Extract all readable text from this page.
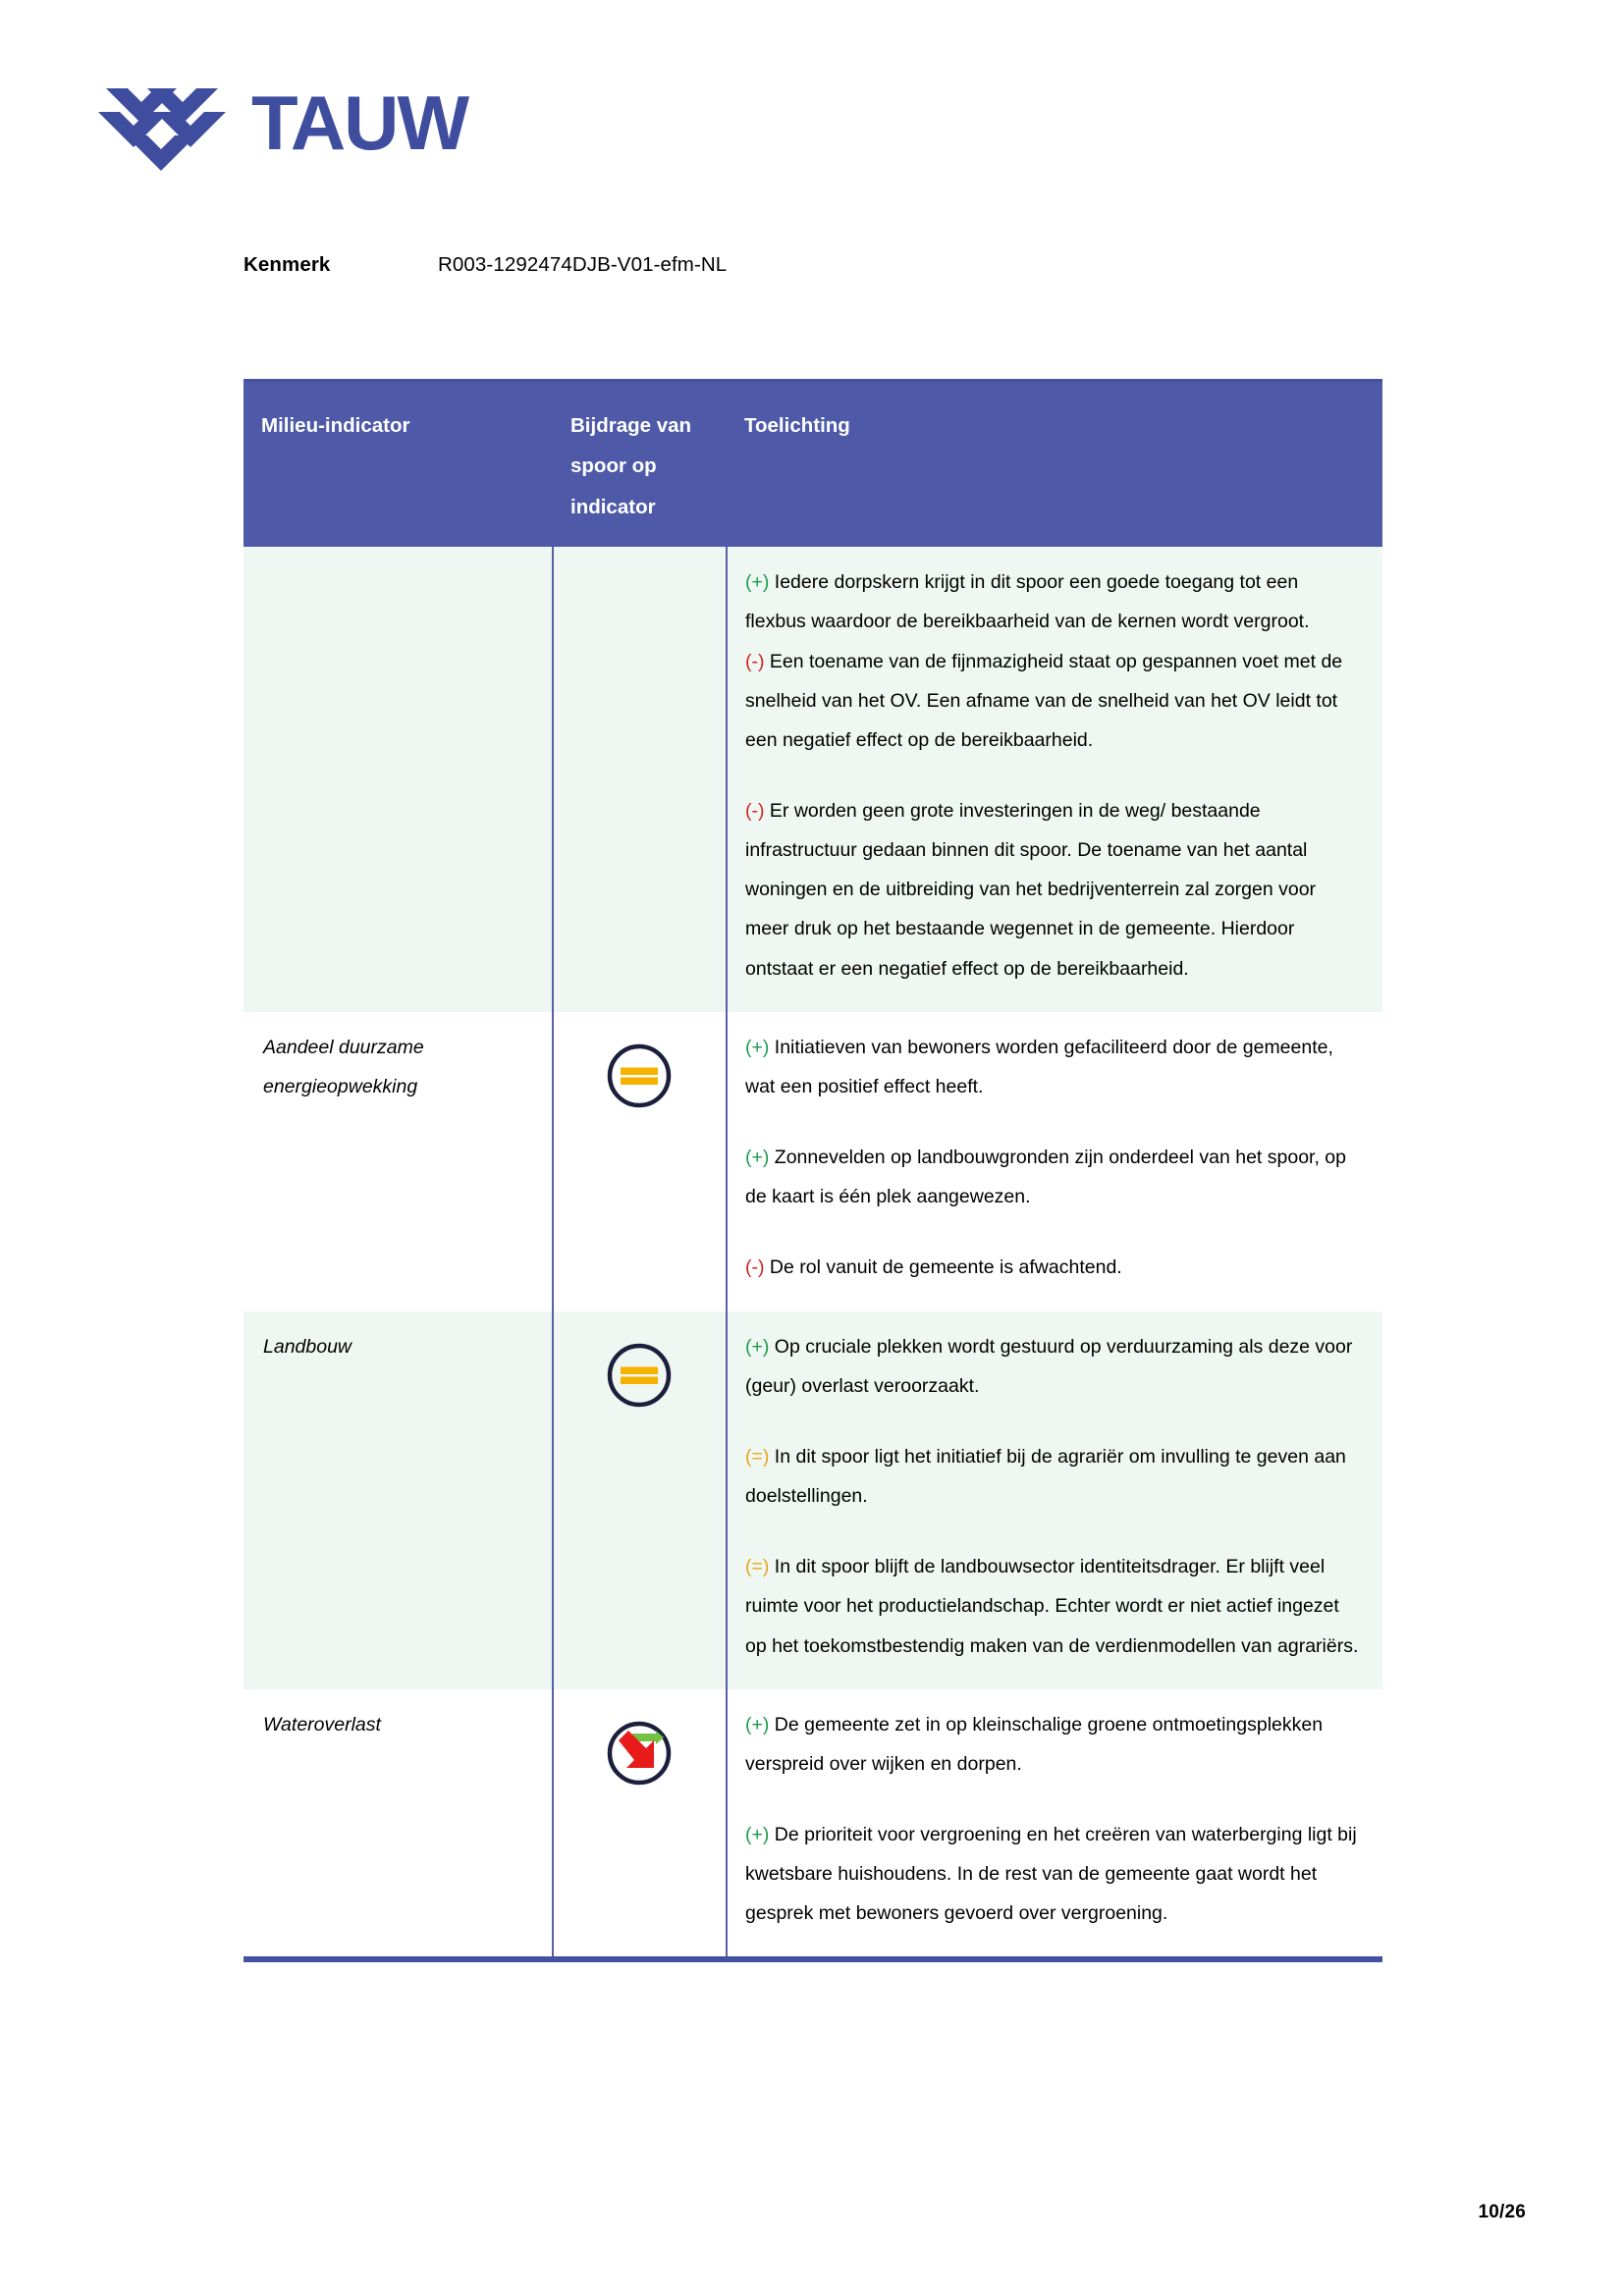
TAUW
Kenmerk	R003-1292474DJB-V01-efm-NL
Milieu-indicator	Bijdrage van
spoor op
indicator	Toelichting

		(+) Iedere dorpskern krijgt in dit spoor een goede toegang tot een flexbus waardoor de bereikbaarheid van de kernen wordt vergroot.
(-) Een toename van de fijnmazigheid staat op gespannen voet met de snelheid van het OV. Een afname van de snelheid van het OV leidt tot een negatief effect op de bereikbaarheid.
(-) Er worden geen grote investeringen in de weg/ bestaande infrastructuur gedaan binnen dit spoor. De toename van het aantal woningen en de uitbreiding van het bedrijventerrein zal zorgen voor meer druk op het bestaande wegennet in de gemeente. Hierdoor ontstaat er een negatief effect op de bereikbaarheid.

Aandeel duurzame energieopwekking		(+) Initiatieven van bewoners worden gefaciliteerd door de gemeente, wat een positief effect heeft.
(+) Zonnevelden op landbouwgronden zijn onderdeel van het spoor, op de kaart is één plek aangewezen.
(-) De rol vanuit de gemeente is afwachtend.

Landbouw		(+) Op cruciale plekken wordt gestuurd op verduurzaming als deze voor (geur) overlast veroorzaakt.
(=) In dit spoor ligt het initiatief bij de agrariër om invulling te geven aan doelstellingen.
(=) In dit spoor blijft de landbouwsector identiteitsdrager. Er blijft veel ruimte voor het productielandschap. Echter wordt er niet actief ingezet op het toekomstbestendig maken van de verdienmodellen van agrariërs.

Wateroverlast		(+) De gemeente zet in op kleinschalige groene ontmoetingsplekken verspreid over wijken en dorpen.
(+) De prioriteit voor vergroening en het creëren van waterberging ligt bij kwetsbare huishoudens. In de rest van de gemeente gaat wordt het gesprek met bewoners gevoerd over vergroening.
10/26
